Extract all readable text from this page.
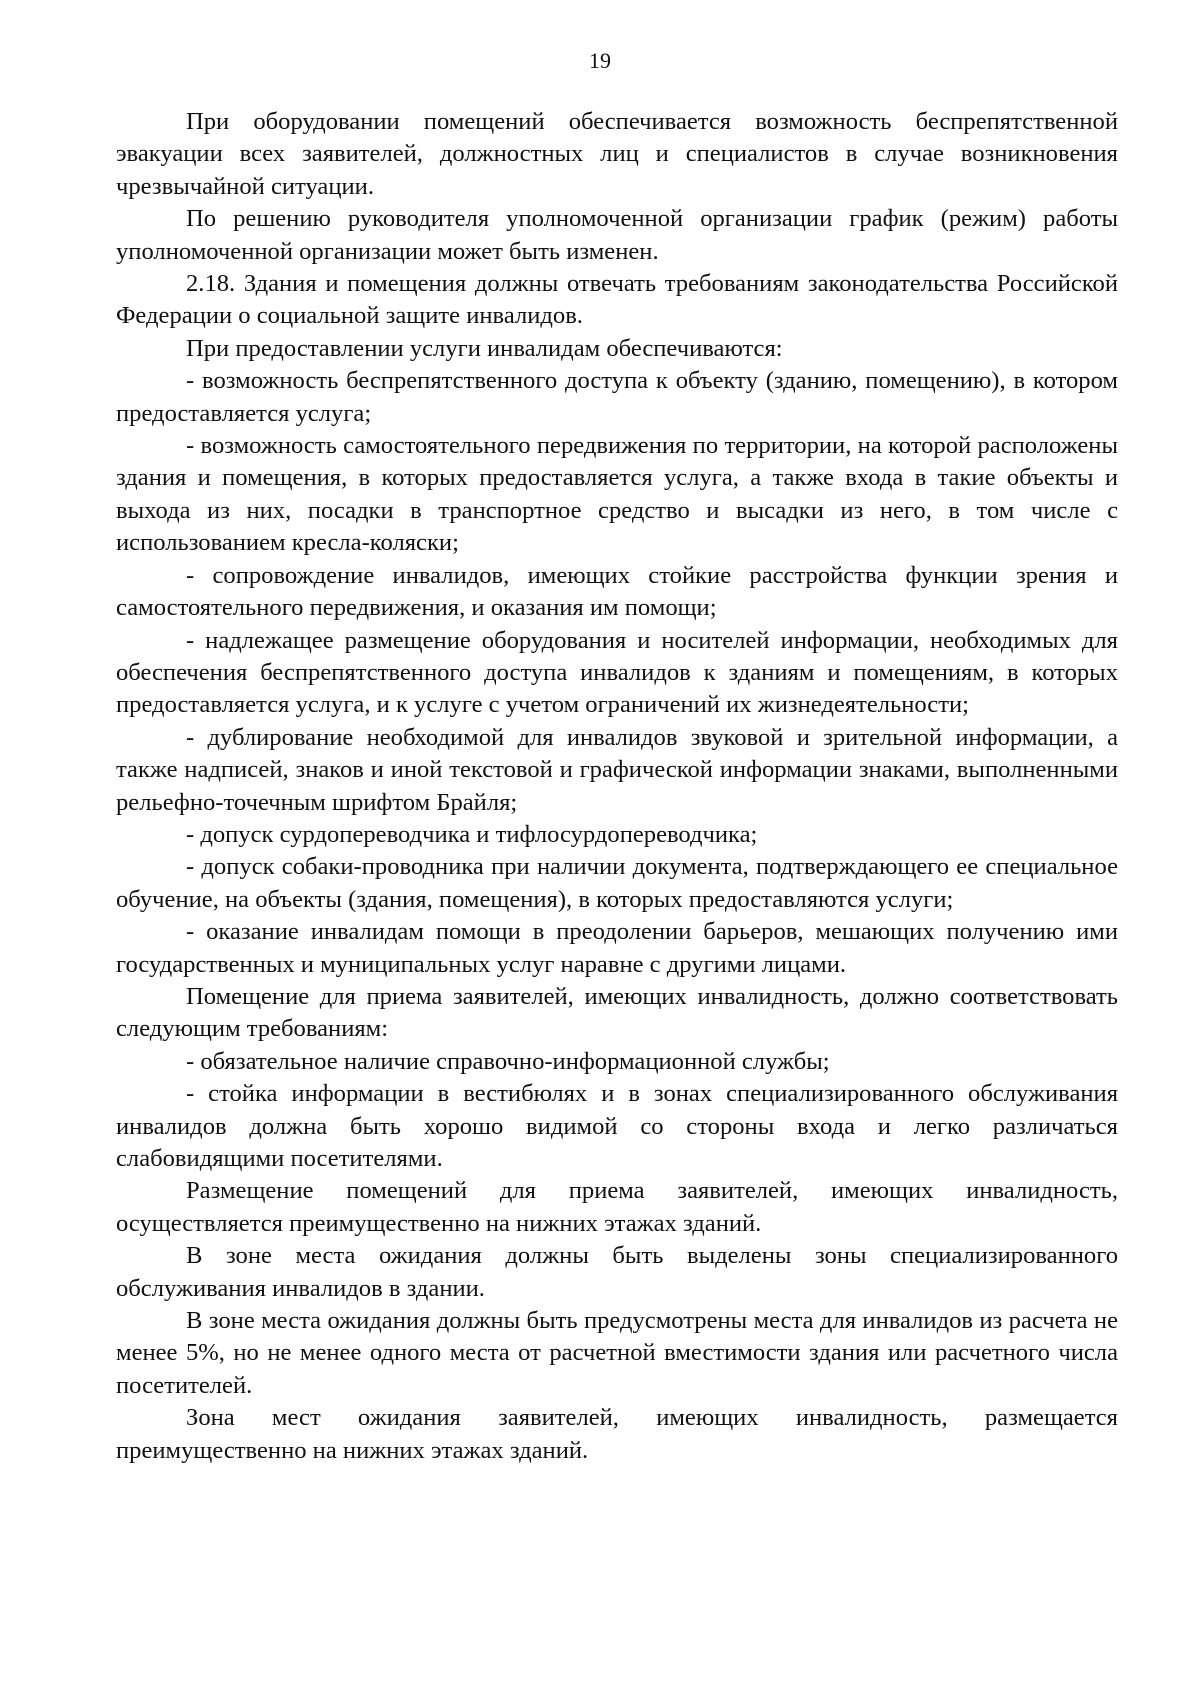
19

При оборудовании помещений обеспечивается возможность беспрепятственной эвакуации всех заявителей, должностных лиц и специалистов в случае возникновения чрезвычайной ситуации.

По решению руководителя уполномоченной организации график (режим) работы уполномоченной организации может быть изменен.

2.18. Здания и помещения должны отвечать требованиям законодательства Российской Федерации о социальной защите инвалидов.

При предоставлении услуги инвалидам обеспечиваются:

- возможность беспрепятственного доступа к объекту (зданию, помещению), в котором предоставляется услуга;

- возможность самостоятельного передвижения по территории, на которой расположены здания и помещения, в которых предоставляется услуга, а также входа в такие объекты и выхода из них, посадки в транспортное средство и высадки из него, в том числе с использованием кресла-коляски;

- сопровождение инвалидов, имеющих стойкие расстройства функции зрения и самостоятельного передвижения, и оказания им помощи;

- надлежащее размещение оборудования и носителей информации, необходимых для обеспечения беспрепятственного доступа инвалидов к зданиям и помещениям, в которых предоставляется услуга, и к услуге с учетом ограничений их жизнедеятельности;

- дублирование необходимой для инвалидов звуковой и зрительной информации, а также надписей, знаков и иной текстовой и графической информации знаками, выполненными рельефно-точечным шрифтом Брайля;

- допуск сурдопереводчика и тифлосурдопереводчика;

- допуск собаки-проводника при наличии документа, подтверждающего ее специальное обучение, на объекты (здания, помещения), в которых предоставляются услуги;

- оказание инвалидам помощи в преодолении барьеров, мешающих получению ими государственных и муниципальных услуг наравне с другими лицами.

Помещение для приема заявителей, имеющих инвалидность, должно соответствовать следующим требованиям:

- обязательное наличие справочно-информационной службы;

- стойка информации в вестибюлях и в зонах специализированного обслуживания инвалидов должна быть хорошо видимой со стороны входа и легко различаться слабовидящими посетителями.

Размещение помещений для приема заявителей, имеющих инвалидность, осуществляется преимущественно на нижних этажах зданий.

В зоне места ожидания должны быть выделены зоны специализированного обслуживания инвалидов в здании.

В зоне места ожидания должны быть предусмотрены места для инвалидов из расчета не менее 5%, но не менее одного места от расчетной вместимости здания или расчетного числа посетителей.

Зона мест ожидания заявителей, имеющих инвалидность, размещается преимущественно на нижних этажах зданий.
